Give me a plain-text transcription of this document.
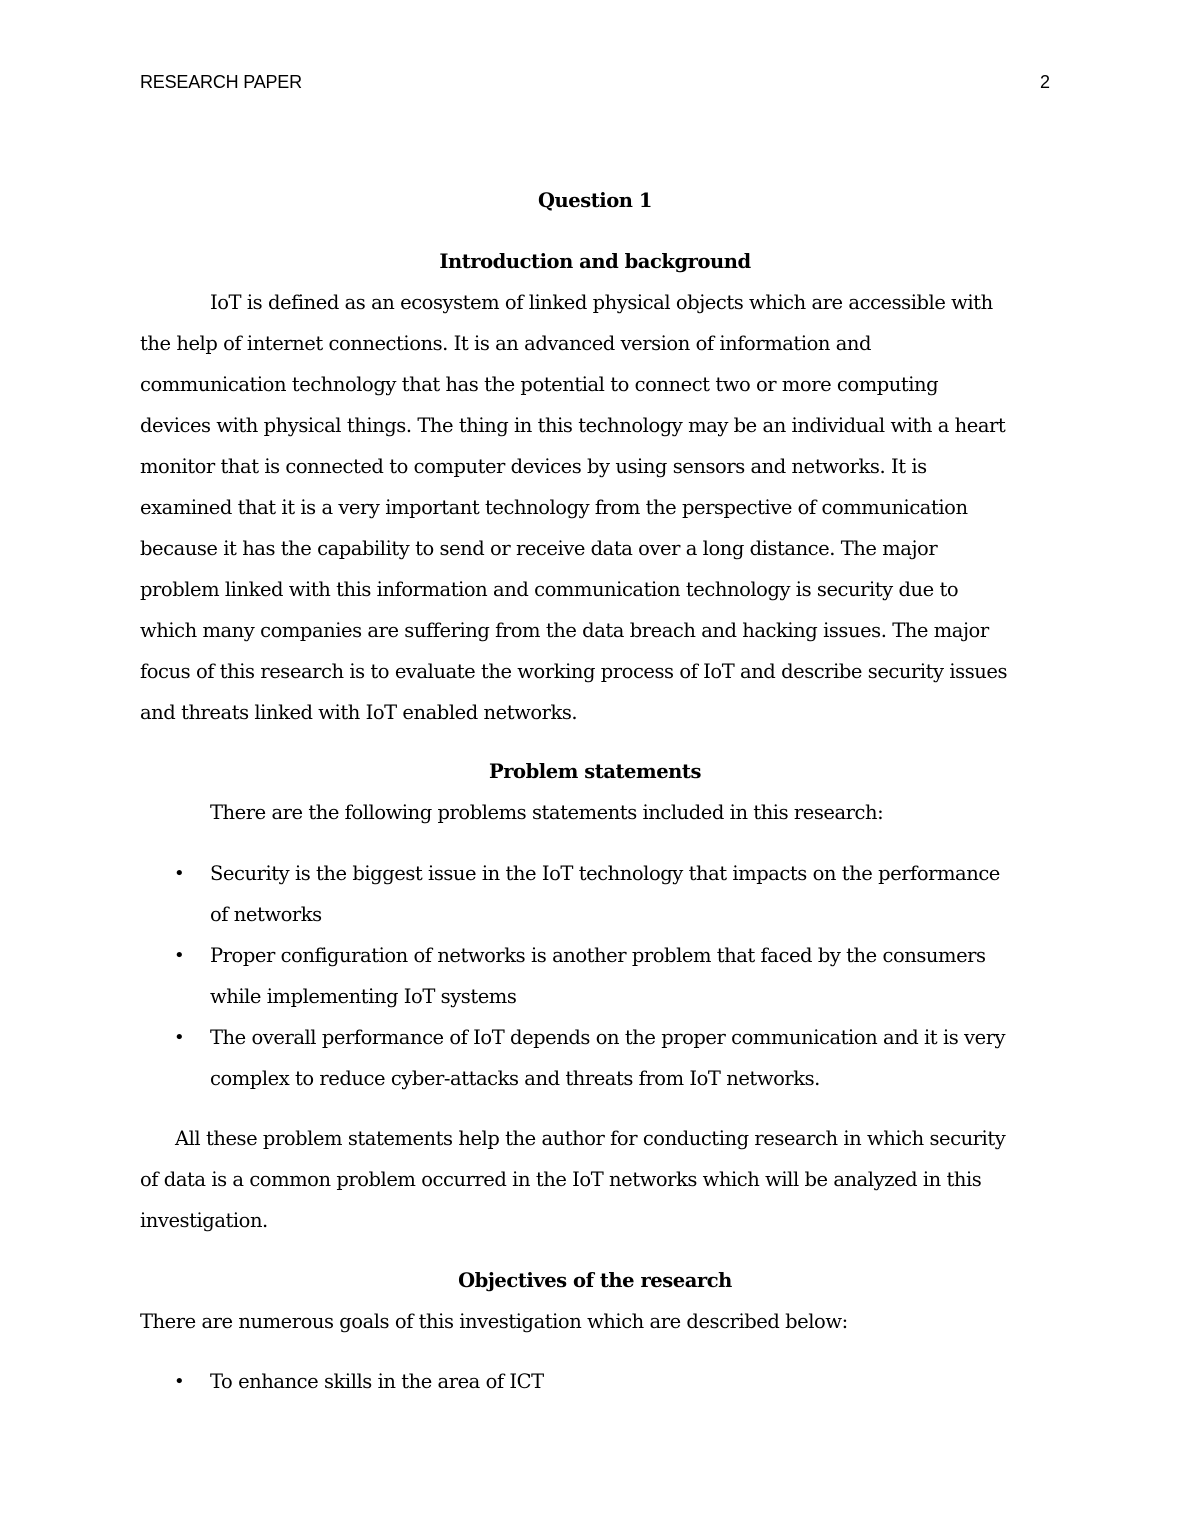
RESEARCH PAPER	2
Question 1
Introduction and background
IoT is defined as an ecosystem of linked physical objects which are accessible with
the help of internet connections. It is an advanced version of information and
communication technology that has the potential to connect two or more computing
devices with physical things. The thing in this technology may be an individual with a heart
monitor that is connected to computer devices by using sensors and networks. It is
examined that it is a very important technology from the perspective of communication
because it has the capability to send or receive data over a long distance. The major
problem linked with this information and communication technology is security due to
which many companies are suffering from the data breach and hacking issues. The major
focus of this research is to evaluate the working process of IoT and describe security issues
and threats linked with IoT enabled networks.
Problem statements
There are the following problems statements included in this research:
• Security is the biggest issue in the IoT technology that impacts on the performance
of networks
• Proper configuration of networks is another problem that faced by the consumers
while implementing IoT systems
• The overall performance of IoT depends on the proper communication and it is very
complex to reduce cyber-attacks and threats from IoT networks.
All these problem statements help the author for conducting research in which security
of data is a common problem occurred in the IoT networks which will be analyzed in this
investigation.
Objectives of the research
There are numerous goals of this investigation which are described below:
• To enhance skills in the area of ICT
